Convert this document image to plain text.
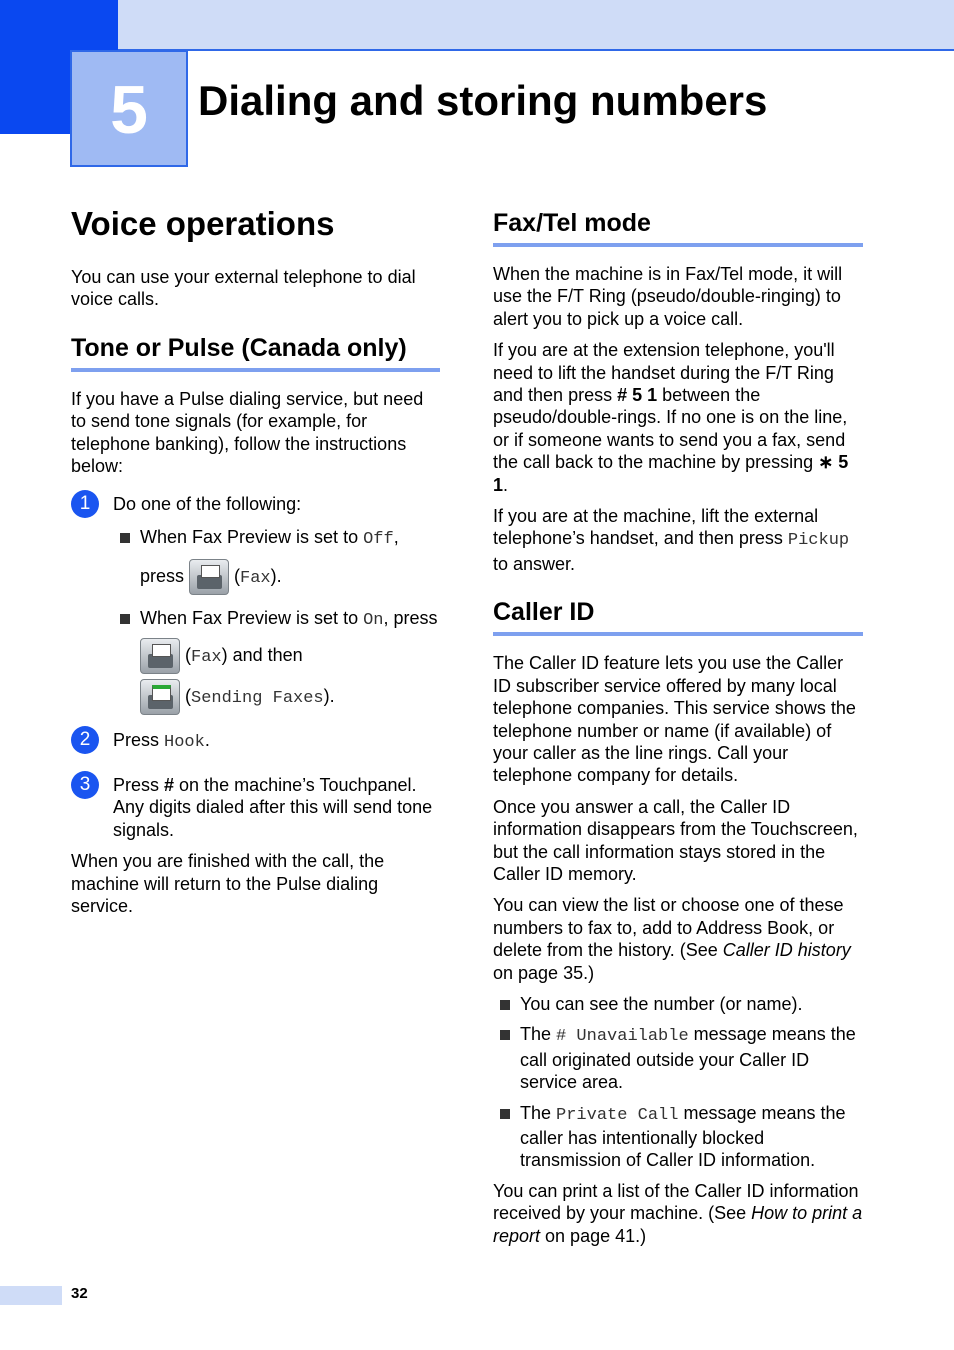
5	Dialing and storing numbers
Voice operations

You can use your external telephone to dial voice calls.

Tone or Pulse (Canada only)

If you have a Pulse dialing service, but need to send tone signals (for example, for telephone banking), follow the instructions below:

1	Do one of the following:
When Fax Preview is set to Off,
press  (Fax).
When Fax Preview is set to On, press
(Fax) and then
(Sending Faxes).
2	Press Hook.
3	Press # on the machine’s Touchpanel. Any digits dialed after this will send tone signals.

When you are finished with the call, the machine will return to the Pulse dialing service.

Fax/Tel mode

When the machine is in Fax/Tel mode, it will use the F/T Ring (pseudo/double-ringing) to alert you to pick up a voice call.

If you are at the extension telephone, you'll need to lift the handset during the F/T Ring and then press # 5 1 between the pseudo/double-rings. If no one is on the line, or if someone wants to send you a fax, send the call back to the machine by pressing ∗ 5 1.

If you are at the machine, lift the external telephone’s handset, and then press Pickup to answer.

Caller ID

The Caller ID feature lets you use the Caller ID subscriber service offered by many local telephone companies. This service shows the telephone number or name (if available) of your caller as the line rings. Call your telephone company for details.

Once you answer a call, the Caller ID information disappears from the Touchscreen, but the call information stays stored in the Caller ID memory.

You can view the list or choose one of these numbers to fax to, add to Address Book, or delete from the history. (See Caller ID history on page 35.)

You can see the number (or name).
The # Unavailable message means the call originated outside your Caller ID service area.
The Private Call message means the caller has intentionally blocked transmission of Caller ID information.

You can print a list of the Caller ID information received by your machine. (See How to print a report on page 41.)

32
